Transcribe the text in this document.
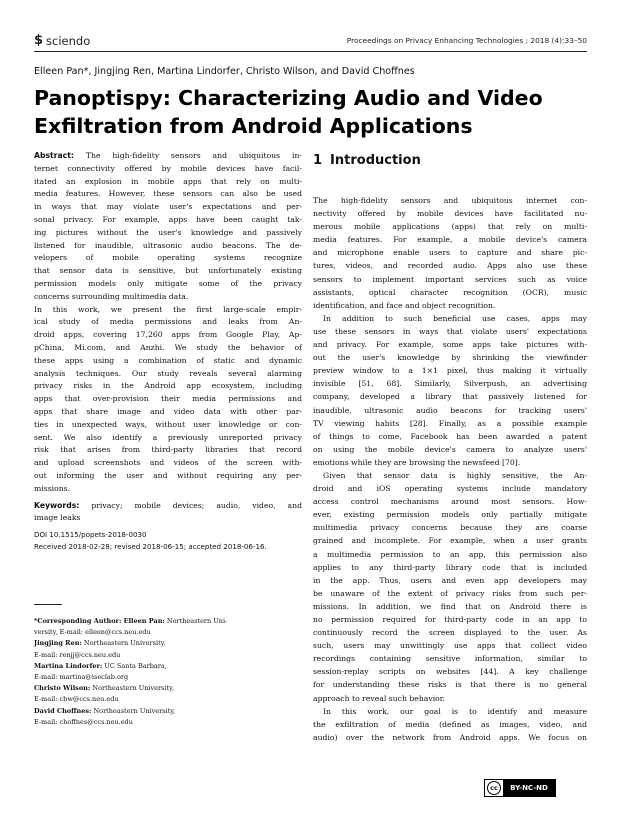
$ sciendo	Proceedings on Privacy Enhancing Technologies ; 2018 (4):33–50
Elleen Pan*, Jingjing Ren, Martina Lindorfer, Christo Wilson, and David Choffnes
Panoptispy: Characterizing Audio and Video
Exfiltration from Android Applications
Abstract: The high-fidelity sensors and ubiquitous in-
ternet connectivity offered by mobile devices have facil-
itated an explosion in mobile apps that rely on multi-
media features. However, these sensors can also be used
in ways that may violate user's expectations and per-
sonal privacy. For example, apps have been caught tak-
ing pictures without the user's knowledge and passively
listened for inaudible, ultrasonic audio beacons. The de-
velopers of mobile operating systems recognize
that sensor data is sensitive, but unfortunately existing
permission models only mitigate some of the privacy
concerns surrounding multimedia data.
In this work, we present the first large-scale empir-
ical study of media permissions and leaks from An-
droid apps, covering 17,260 apps from Google Play, Ap-
pChina, Mi.com, and Anzhi. We study the behavior of
these apps using a combination of static and dynamic
analysis techniques. Our study reveals several alarming
privacy risks in the Android app ecosystem, including
apps that over-provision their media permissions and
apps that share image and video data with other par-
ties in unexpected ways, without user knowledge or con-
sent. We also identify a previously unreported privacy
risk that arises from third-party libraries that record
and upload screenshots and videos of the screen with-
out informing the user and without requiring any per-
missions.
Keywords: privacy; mobile devices; audio, video, and
image leaks
DOI 10.1515/popets-2018-0030
Received 2018-02-28; revised 2018-06-15; accepted 2018-06-16.
*Corresponding Author: Elleen Pan: Northeastern Uni-
versity, E-mail: elleen@ccs.neu.edu
Jingjing Ren: Northeastern University,
E-mail: renjj@ccs.neu.edu
Martina Lindorfer: UC Santa Barbara,
E-mail: martina@iseclab.org
Christo Wilson: Northeastern University,
E-mail: cbw@ccs.neu.edu
David Choffnes: Northeastern University,
E-mail: choffnes@ccs.neu.edu
1 Introduction
The high-fidelity sensors and ubiquitous internet con-
nectivity offered by mobile devices have facilitated nu-
merous mobile applications (apps) that rely on multi-
media features. For example, a mobile device's camera
and microphone enable users to capture and share pic-
tures, videos, and recorded audio. Apps also use these
sensors to implement important services such as voice
assistants, optical character recognition (OCR), music
identification, and face and object recognition.
In addition to such beneficial use cases, apps may
use these sensors in ways that violate users' expectations
and privacy. For example, some apps take pictures with-
out the user's knowledge by shrinking the viewfinder
preview window to a 1×1 pixel, thus making it virtually
invisible [51, 68]. Similarly, Silverpush, an advertising
company, developed a library that passively listened for
inaudible, ultrasonic audio beacons for tracking users'
TV viewing habits [28]. Finally, as a possible example
of things to come, Facebook has been awarded a patent
on using the mobile device's camera to analyze users'
emotions while they are browsing the newsfeed [70].
Given that sensor data is highly sensitive, the An-
droid and iOS operating systems include mandatory
access control mechanisms around most sensors. How-
ever, existing permission models only partially mitigate
multimedia privacy concerns because they are coarse
grained and incomplete. For example, when a user grants
a multimedia permission to an app, this permission also
applies to any third-party library code that is included
in the app. Thus, users and even app developers may
be unaware of the extent of privacy risks from such per-
missions. In addition, we find that on Android there is
no permission required for third-party code in an app to
continuously record the screen displayed to the user. As
such, users may unwittingly use apps that collect video
recordings containing sensitive information, similar to
session-replay scripts on websites [44]. A key challenge
for understanding these risks is that there is no general
approach to reveal such behavior.
In this work, our goal is to identify and measure
the exfiltration of media (defined as images, video, and
audio) over the network from Android apps. We focus on
cc	BY-NC-ND
